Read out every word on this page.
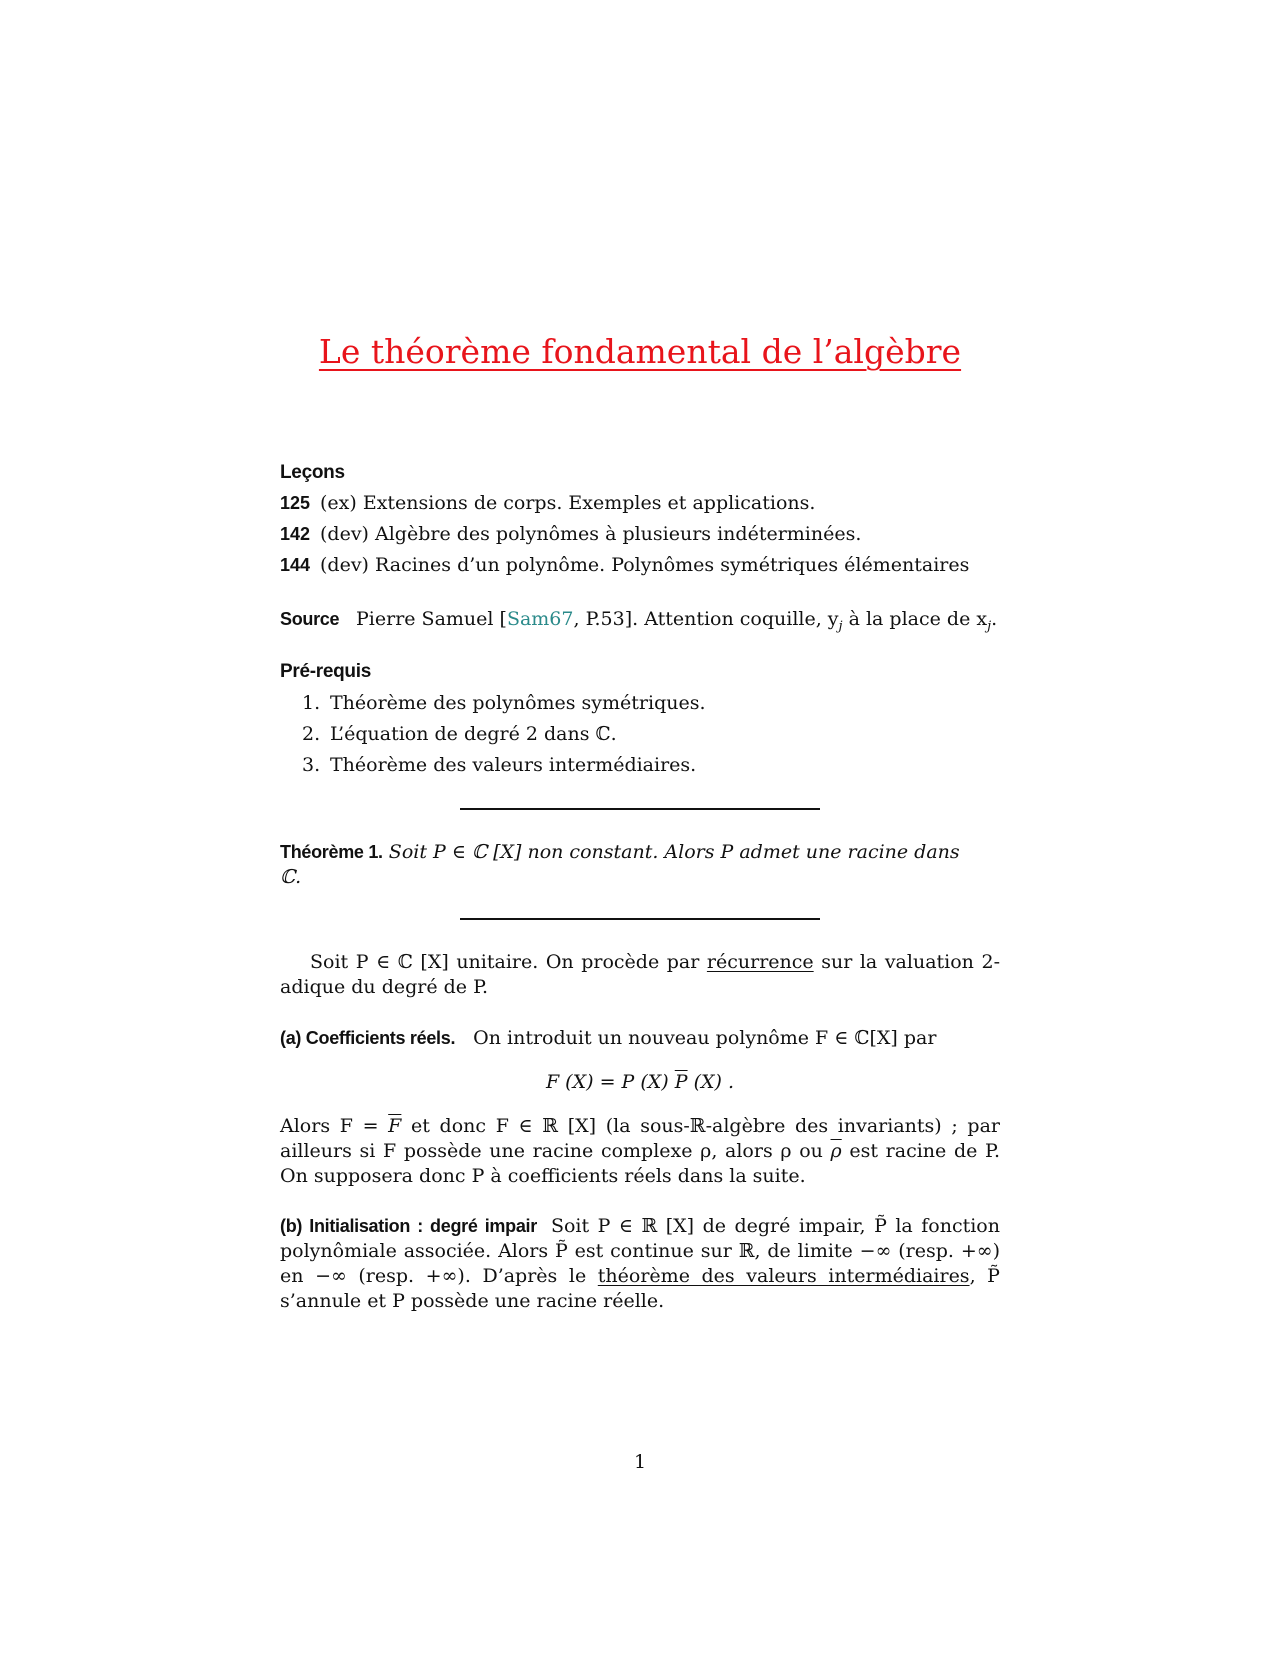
Le théorème fondamental de l’algèbre
Leçons
125 (ex) Extensions de corps. Exemples et applications.
142 (dev) Algèbre des polynômes à plusieurs indéterminées.
144 (dev) Racines d’un polynôme. Polynômes symétriques élémentaires
Source Pierre Samuel [Sam67, P.53]. Attention coquille, $y_j$ à la place de $x_j$.
Pré-requis
1. Théorème des polynômes symétriques.
2. L’équation de degré 2 dans ℂ.
3. Théorème des valeurs intermédiaires.
Théorème 1. Soit P ∈ ℂ [X] non constant. Alors P admet une racine dans
ℂ.
Soit P ∈ ℂ [X] unitaire. On procède par récurrence sur la valuation 2-adique du degré de P.
(a) Coefficients réels. On introduit un nouveau polynôme F ∈ ℂ[X] par
F (X) = P (X) $\overline{P}$ (X) .
Alors $F = \overline{F}$ et donc F ∈ ℝ [X] (la sous-ℝ-algèbre des invariants) ; par ailleurs si F possède une racine complexe ρ, alors ρ ou $\overline{\rho}$ est racine de P. On supposera donc P à coefficients réels dans la suite.
(b) Initialisation : degré impair Soit P ∈ ℝ [X] de degré impair, P̃ la fonction polynômiale associée. Alors P̃ est continue sur ℝ, de limite −∞ (resp. +∞) en −∞ (resp. +∞). D’après le théorème des valeurs intermédiaires, P̃ s’annule et P possède une racine réelle.
1
